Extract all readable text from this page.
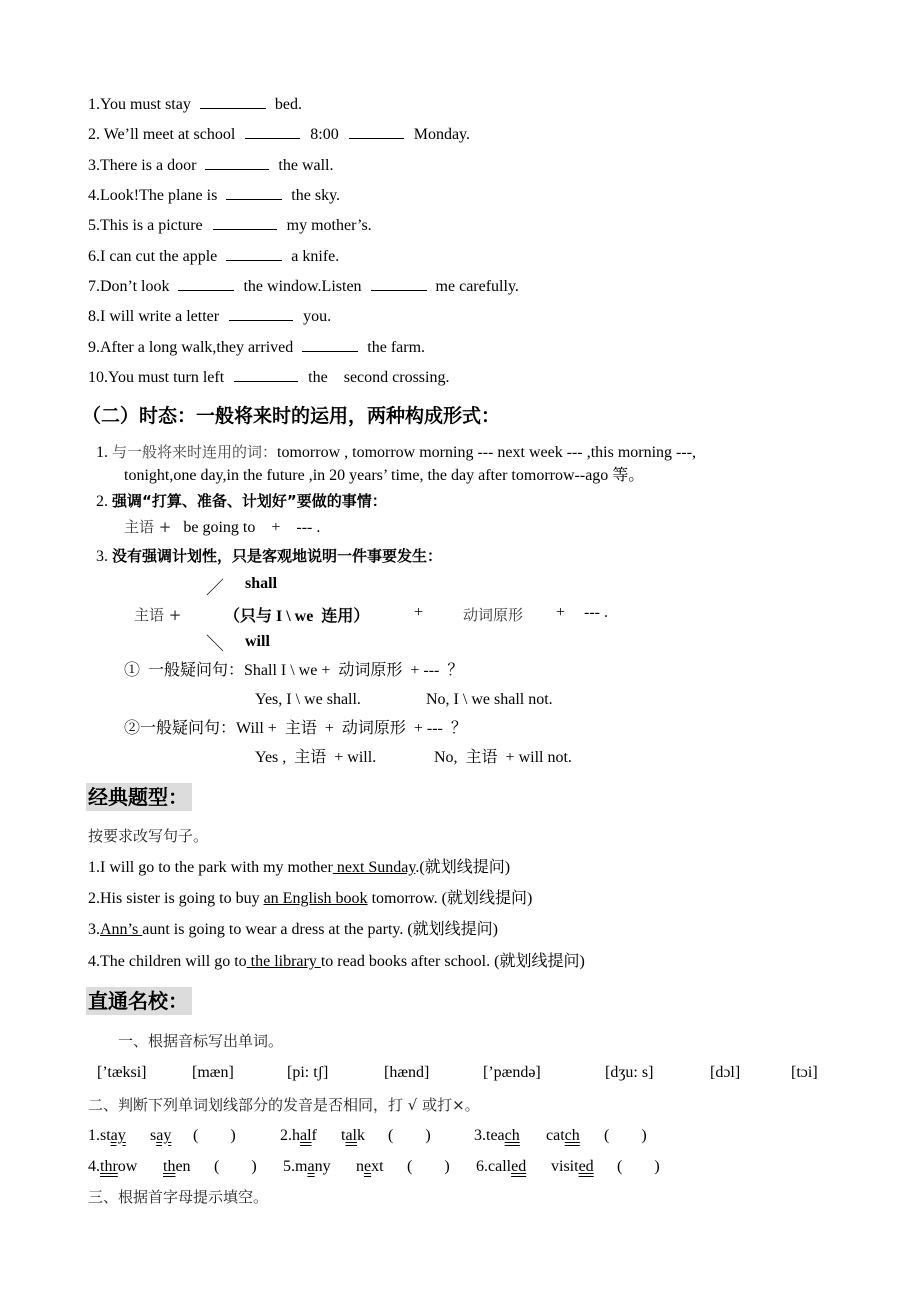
1.You must stay	bed.
2. We’ll meet at school	8:00	Monday.
3.There is a door	the wall.
4.Look!The plane is	the sky.
5.This is a picture	my mother’s.
6.I can cut the apple	a knife.
7.Don’t look	the window.Listen	me carefully.
8.I will write a letter	you.
9.After a long walk,they arrived	the farm.
10.You must turn left	the    second crossing.
（二）时态：一般将来时的运用，两种构成形式：
1. 与一般将来时连用的词：tomorrow , tomorrow morning --- next week --- ,this morning ---,
tonight,one day,in the future ,in 20 years’ time, the day after tomorrow--ago 等。
2. 强调“打算、准备、计划好”要做的事情：
主语 + be going to + --- .
3. 没有强调计划性，只是客观地说明一件事要发生：
／ shall
主语 +	（只与 I \ we  连用）	+	动词原形 + --- .
＼ will
①  一般疑问句：Shall I \ we +  动词原形  + ---  ？
Yes, I \ we shall.	No, I \ we shall not.
②一般疑问句：Will +  主语  +  动词原形  + ---  ？
Yes ,  主语  + will.	No,  主语  + will not.
经典题型：
按要求改写句子。
1.I will go to the park with my mother next Sunday.(就划线提问)
2.His sister is going to buy an English book tomorrow. (就划线提问)
3.Ann’s aunt is going to wear a dress at the party. (就划线提问)
4.The children will go to the library to read books after school. (就划线提问)
直通名校：
一、根据音标写出单词。
[’tæksi]	[mæn]	[pi: tʃ]	[hænd]	[’pændə]	[dʒu: s]	[dɔl]	[tɔi]
二、判断下列单词划线部分的发音是否相同，打 √ 或打×。
1.stay say (        )	2.half talk (        )	3.teach catch (        )
4.throw then (        ) 5.many next (        ) 6.called visited (        )
三、根据首字母提示填空。
